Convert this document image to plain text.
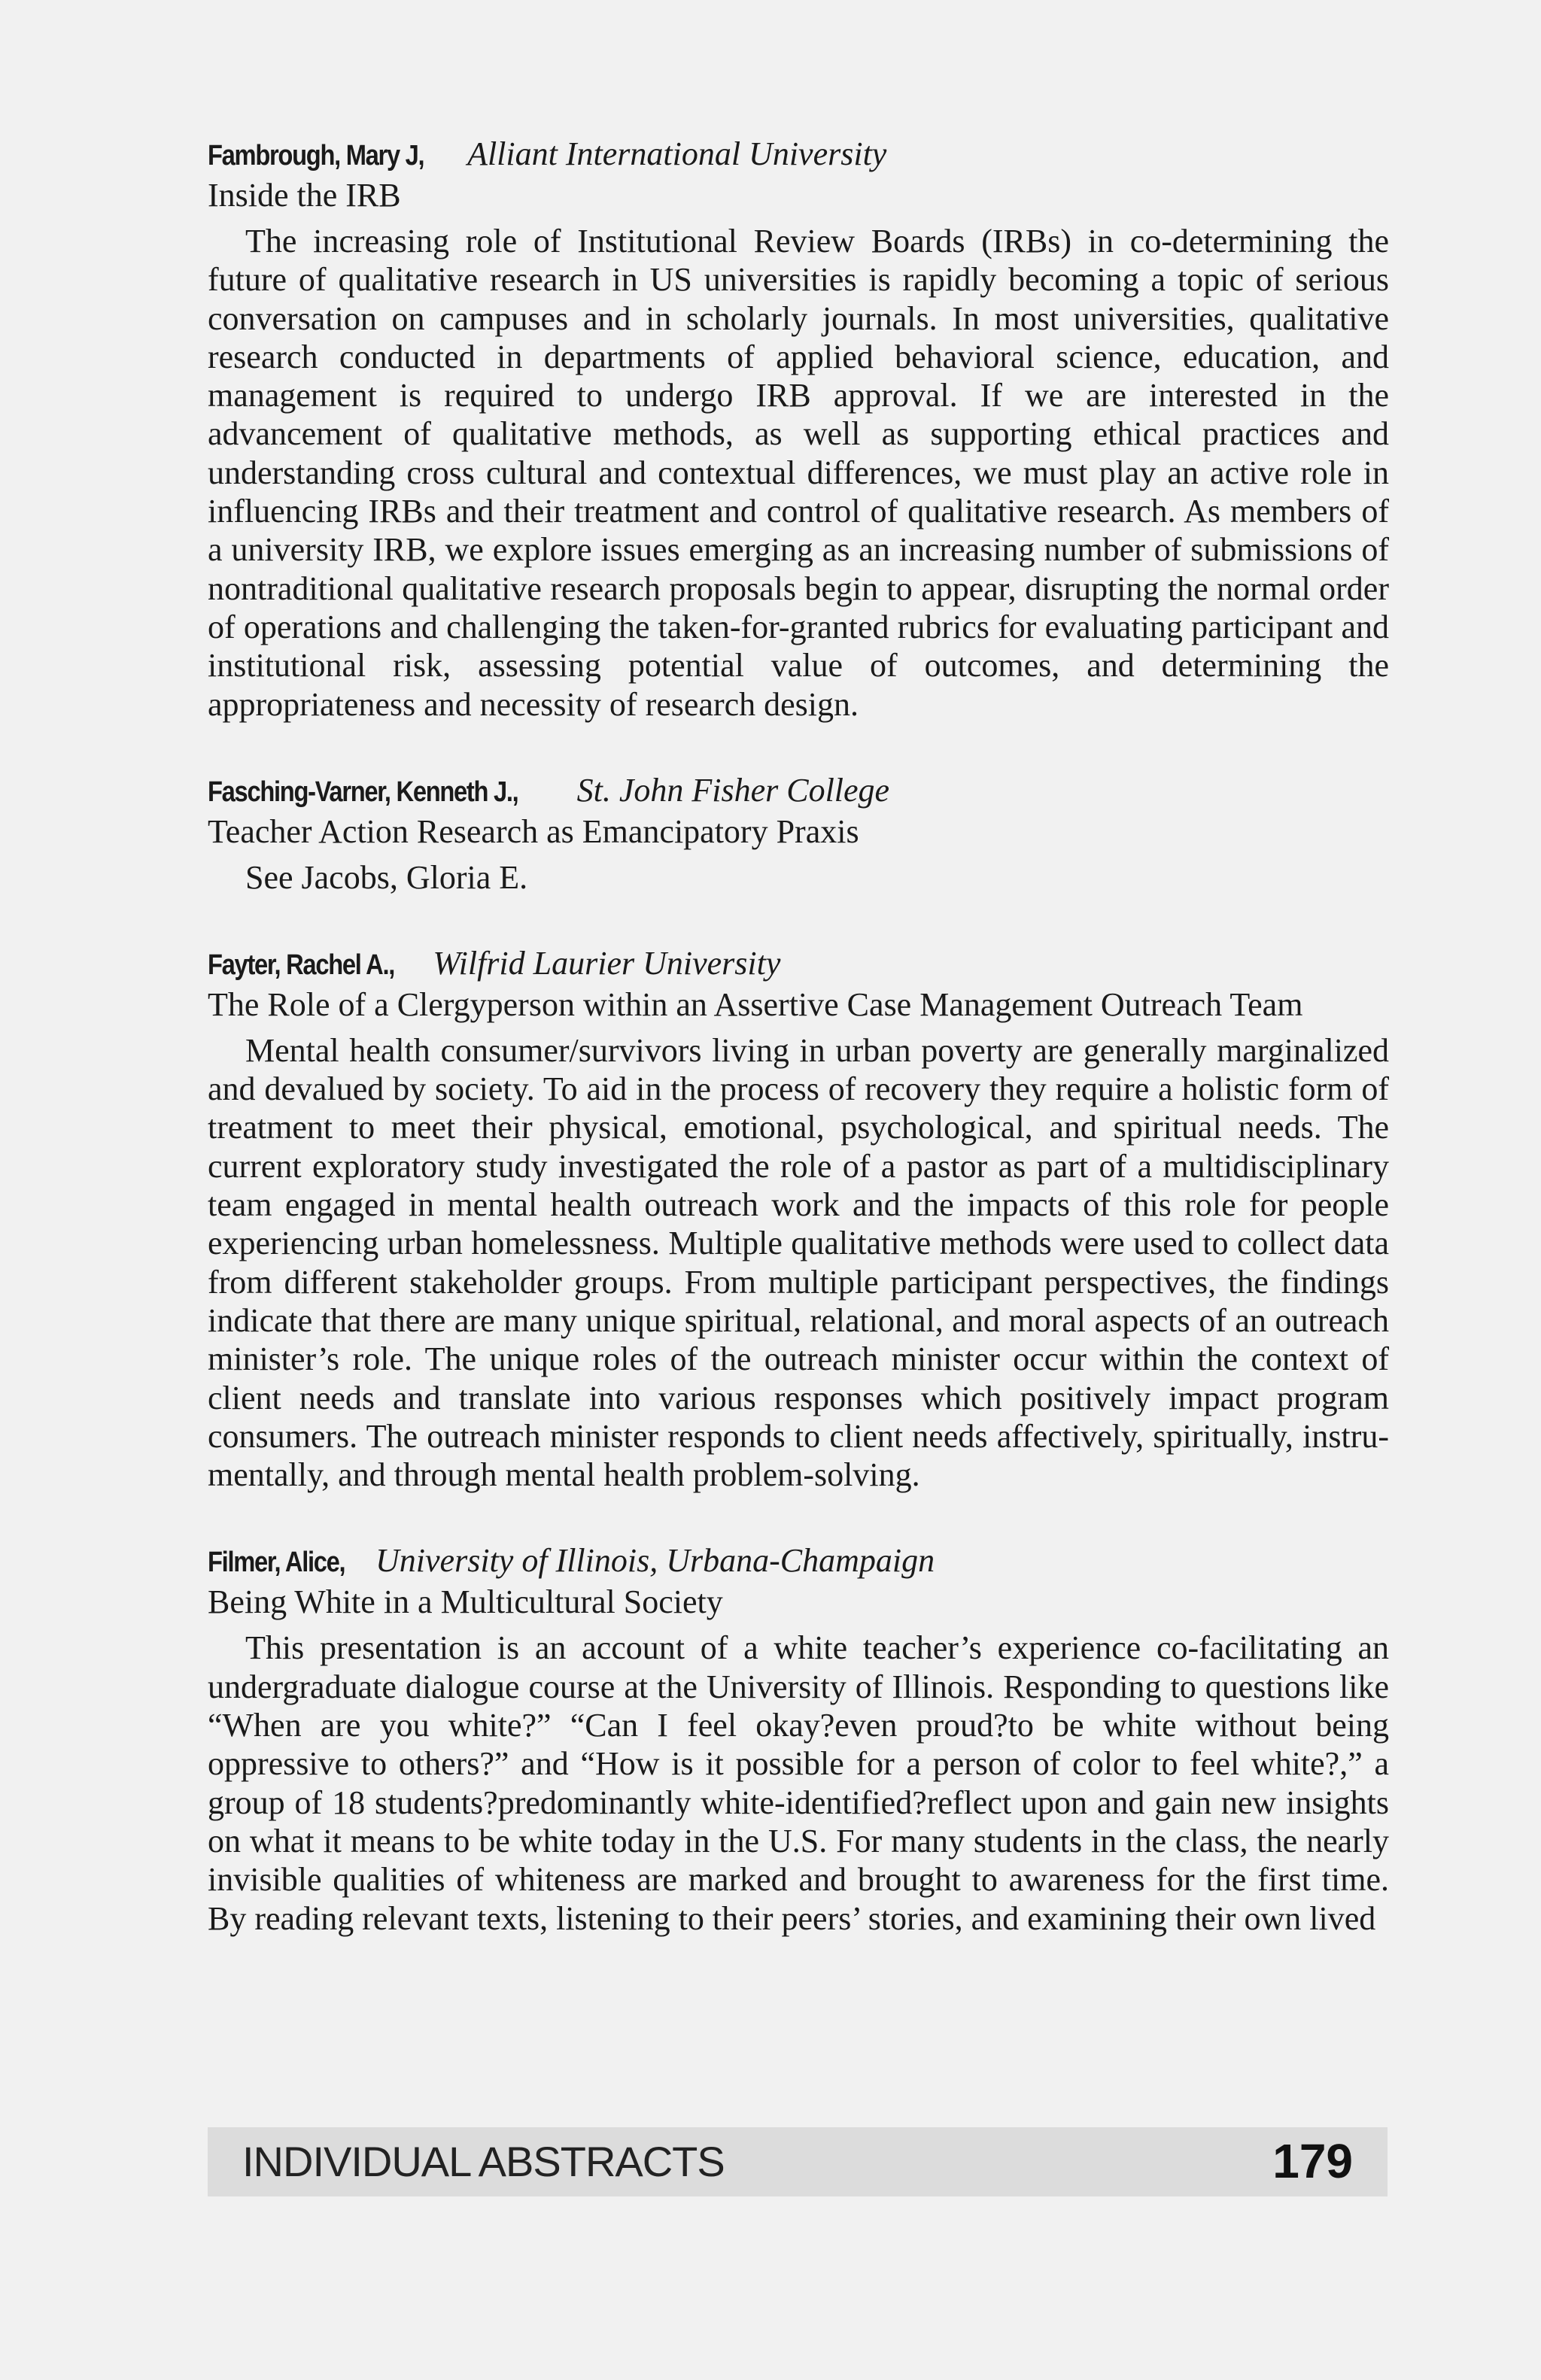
Fambrough, Mary J, Alliant International University
Inside the IRB

The increasing role of Institutional Review Boards (IRBs) in co-determining the future of qualitative research in US universities is rapidly becoming a topic of serious conversation on campuses and in scholarly journals. In most universities, qualitative research conducted in departments of applied behavioral science, education, and management is required to undergo IRB approval. If we are interested in the advancement of qualitative methods, as well as supporting ethical practices and understanding cross cultural and contextual differences, we must play an active role in influencing IRBs and their treatment and control of qualitative research. As members of a university IRB, we explore issues emerging as an increasing number of submissions of nontraditional qualitative research proposals begin to appear, disrupting the normal order of operations and challenging the taken-for-granted rubrics for evaluating participant and institutional risk, assessing potential value of outcomes, and determining the appropriateness and necessity of research design.

Fasching-Varner, Kenneth J., St. John Fisher College
Teacher Action Research as Emancipatory Praxis

See Jacobs, Gloria E.

Fayter, Rachel A., Wilfrid Laurier University
The Role of a Clergyperson within an Assertive Case Management Outreach Team

Mental health consumer/survivors living in urban poverty are generally marginalized and devalued by society. To aid in the process of recovery they require a holistic form of treatment to meet their physical, emotional, psychological, and spiritual needs. The current exploratory study investigated the role of a pastor as part of a multidisciplinary team engaged in mental health outreach work and the impacts of this role for people experiencing urban homelessness. Multiple qualitative methods were used to collect data from different stakeholder groups. From multiple participant perspectives, the findings indicate that there are many unique spiritual, relational, and moral aspects of an outreach minister’s role. The unique roles of the outreach minister occur within the context of client needs and translate into various responses which positively impact program consumers. The outreach minister responds to client needs affectively, spiritually, instrumentally, and through mental health problem-solving.

Filmer, Alice, University of Illinois, Urbana-Champaign
Being White in a Multicultural Society

This presentation is an account of a white teacher’s experience co-facilitating an undergraduate dialogue course at the University of Illinois. Responding to questions like “When are you white?” “Can I feel okay?even proud?to be white without being oppressive to others?” and “How is it possible for a person of color to feel white?,” a group of 18 students?predominantly white-identified?reflect upon and gain new insights on what it means to be white today in the U.S. For many students in the class, the nearly invisible qualities of whiteness are marked and brought to awareness for the first time. By reading relevant texts, listening to their peers’ stories, and examining their own lived

INDIVIDUAL ABSTRACTS	179
